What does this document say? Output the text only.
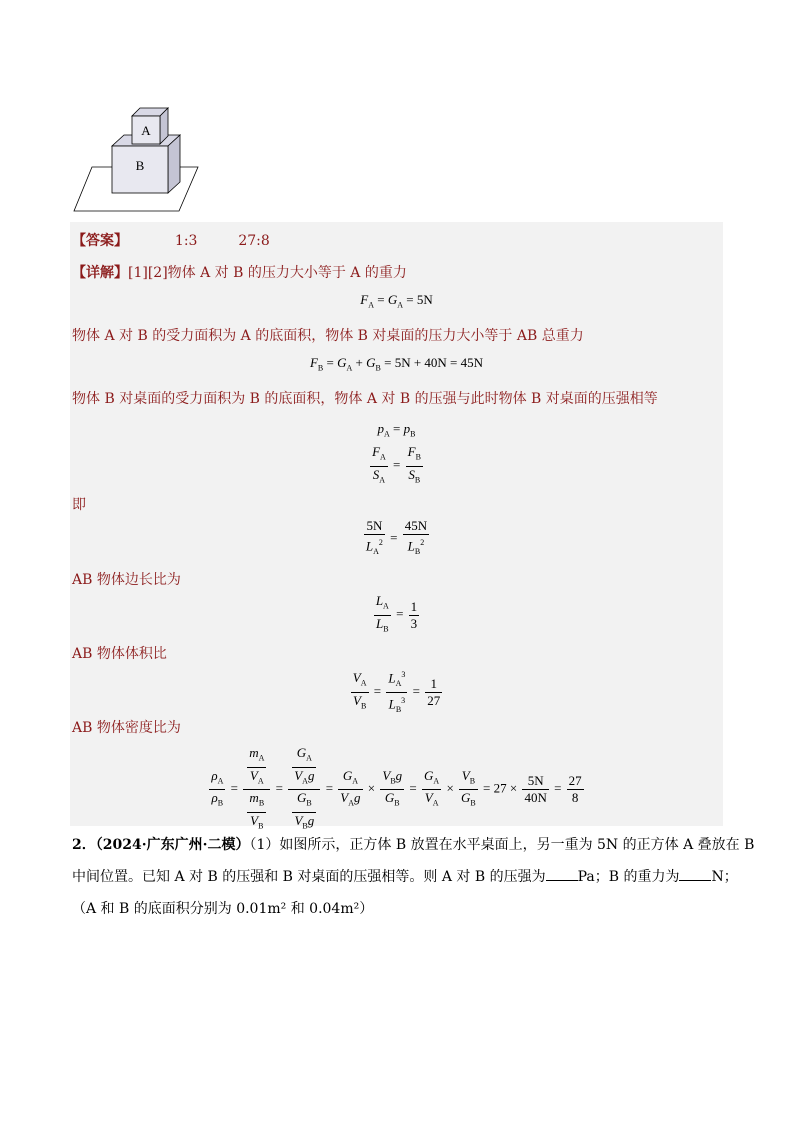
A
B
【答案】	1:3	27:8
【详解】[1][2]物体 A 对 B 的压力大小等于 A 的重力
$F_A = G_A = 5N$
物体 A 对 B 的受力面积为 A 的底面积，物体 B 对桌面的压力大小等于 AB 总重力
$F_B = G_A + G_B = 5N + 40N = 45N$
物体 B 对桌面的受力面积为 B 的底面积，物体 A 对 B 的压强与此时物体 B 对桌面的压强相等
$p_A = p_B$
$\frac{F_A}{S_A} = \frac{F_B}{S_B}$
即
$\frac{5N}{L_A^2} = \frac{45N}{L_B^2}$
AB 物体边长比为
$\frac{L_A}{L_B} = \frac{1}{3}$
AB 物体体积比
$\frac{V_A}{V_B} = \frac{L_A^3}{L_B^3} = \frac{1}{27}$
AB 物体密度比为
$\frac{\rho_A}{\rho_B} = \frac{\frac{m_A}{V_A}}{\frac{m_B}{V_B}} = \frac{\frac{G_A}{V_Ag}}{\frac{G_B}{V_Bg}} = \frac{G_A}{V_Ag} \times \frac{V_Bg}{G_B} = \frac{G_A}{V_A} \times \frac{V_B}{G_B} = 27 \times \frac{5N}{40N} = \frac{27}{8}$
2．（2024·广东广州·二模）（1）如图所示，正方体 B 放置在水平桌面上，另一重为 5N 的正方体 A 叠放在 B
中间位置。已知 A 对 B 的压强和 B 对桌面的压强相等。则 A 对 B 的压强为 Pa；B 的重力为 N；
（A 和 B 的底面积分别为 0.01m² 和 0.04m²）
